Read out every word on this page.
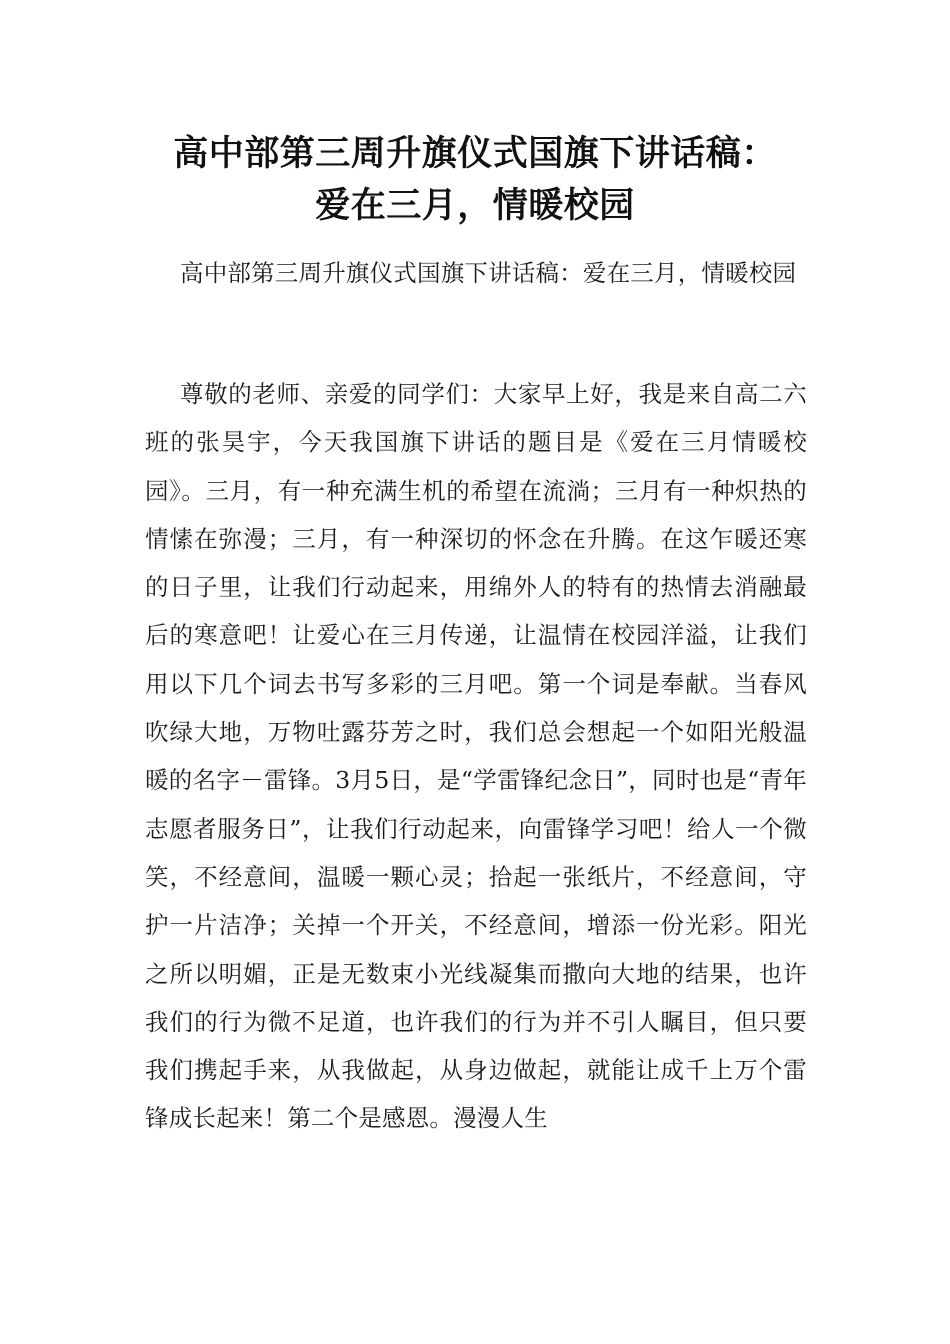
高中部第三周升旗仪式国旗下讲话稿：
爱在三月，情暖校园

高中部第三周升旗仪式国旗下讲话稿：爱在三月，情暖校园

尊敬的老师、亲爱的同学们：大家早上好，我是来自高二六班的张昊宇，今天我国旗下讲话的题目是《爱在三月情暖校园》。三月，有一种充满生机的希望在流淌；三月有一种炽热的情愫在弥漫；三月，有一种深切的怀念在升腾。在这乍暖还寒的日子里，让我们行动起来，用绵外人的特有的热情去消融最后的寒意吧！让爱心在三月传递，让温情在校园洋溢，让我们用以下几个词去书写多彩的三月吧。第一个词是奉献。当春风吹绿大地，万物吐露芬芳之时，我们总会想起一个如阳光般温暖的名字－雷锋。3月5日，是“学雷锋纪念日”，同时也是“青年志愿者服务日”，让我们行动起来，向雷锋学习吧！给人一个微笑，不经意间，温暖一颗心灵；拾起一张纸片，不经意间，守护一片洁净；关掉一个开关，不经意间，增添一份光彩。阳光之所以明媚，正是无数束小光线凝集而撒向大地的结果，也许我们的行为微不足道，也许我们的行为并不引人瞩目，但只要我们携起手来，从我做起，从身边做起，就能让成千上万个雷锋成长起来！第二个是感恩。漫漫人生
